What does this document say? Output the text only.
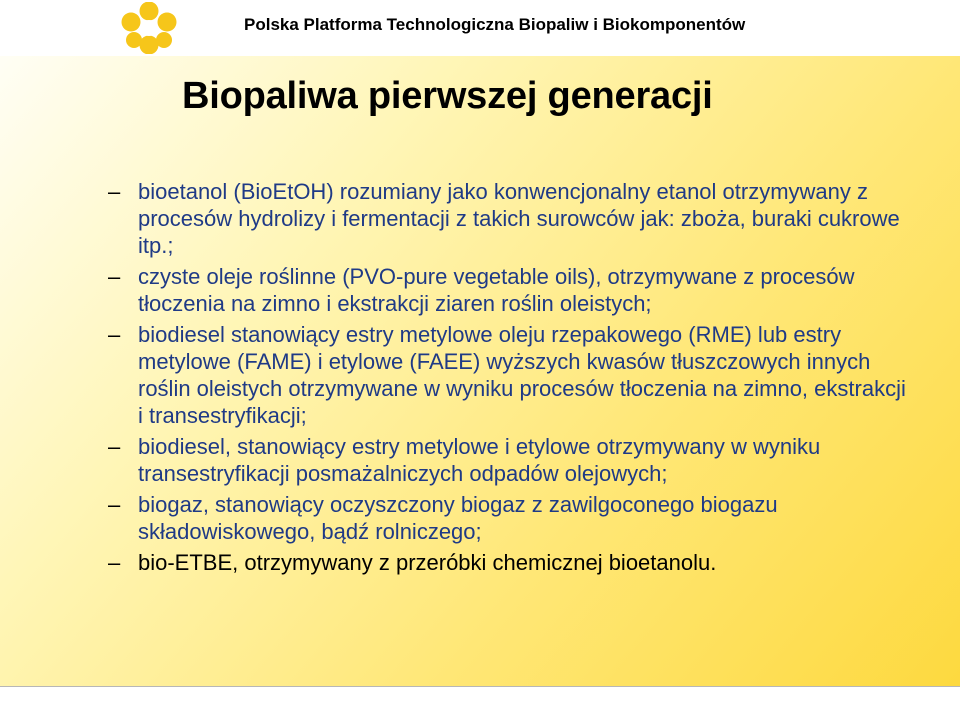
Polska Platforma Technologiczna Biopaliw i Biokomponentów
Biopaliwa pierwszej generacji
– bioetanol (BioEtOH) rozumiany jako konwencjonalny etanol otrzymywany z procesów hydrolizy i fermentacji z takich surowców jak: zboża, buraki cukrowe itp.;
– czyste oleje roślinne (PVO-pure vegetable oils), otrzymywane z procesów tłoczenia na zimno i ekstrakcji ziaren roślin oleistych;
– biodiesel stanowiący estry metylowe oleju rzepakowego (RME) lub estry metylowe (FAME) i etylowe (FAEE) wyższych kwasów tłuszczowych innych roślin oleistych otrzymywane w wyniku procesów tłoczenia na zimno, ekstrakcji i transestryfikacji;
– biodiesel, stanowiący estry metylowe i etylowe otrzymywany w wyniku transestryfikacji posmażalniczych odpadów olejowych;
– biogaz, stanowiący oczyszczony biogaz z zawilgoconego biogazu składowiskowego, bądź rolniczego;
– bio-ETBE, otrzymywany z przeróbki chemicznej bioetanolu.
